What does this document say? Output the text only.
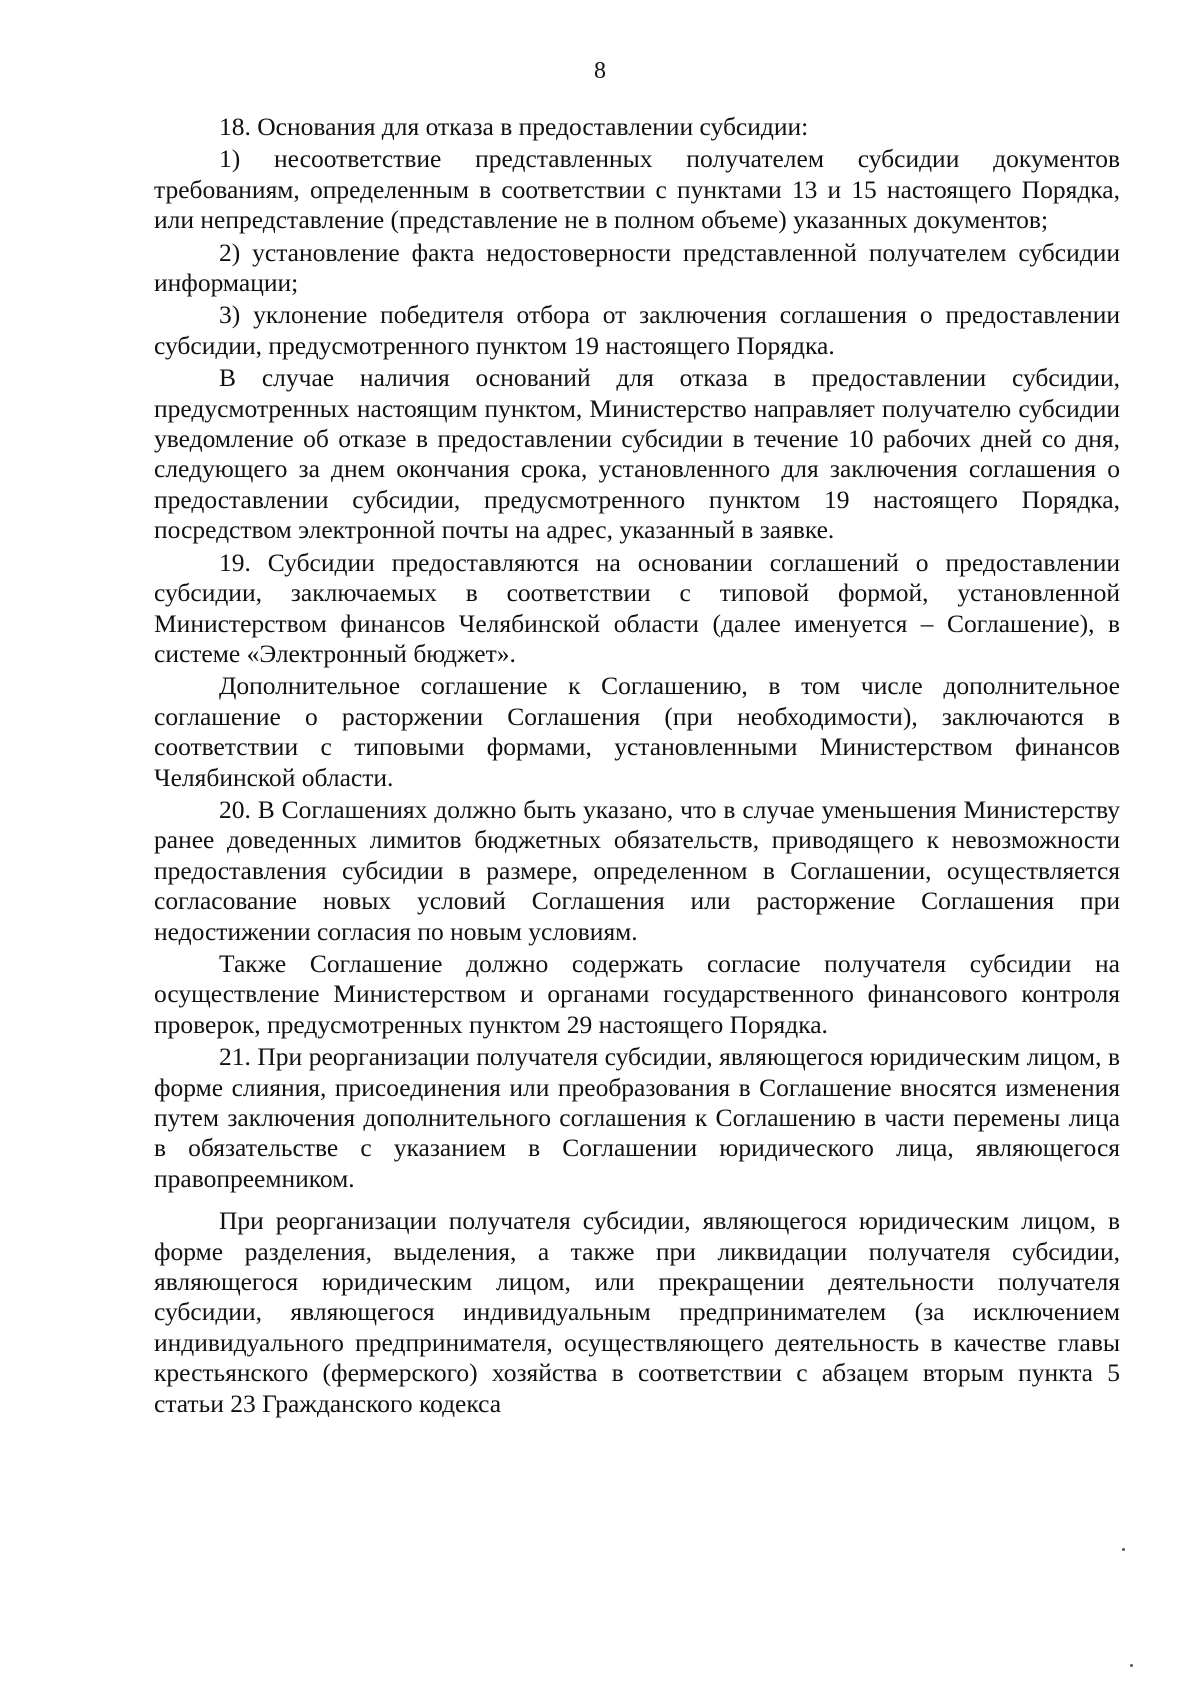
8

18. Основания для отказа в предоставлении субсидии:

1) несоответствие представленных получателем субсидии документов требованиям, определенным в соответствии с пунктами 13 и 15 настоящего Порядка, или непредставление (представление не в полном объеме) указанных документов;

2) установление факта недостоверности представленной получателем субсидии информации;

3) уклонение победителя отбора от заключения соглашения о предоставлении субсидии, предусмотренного пунктом 19 настоящего Порядка.

В случае наличия оснований для отказа в предоставлении субсидии, предусмотренных настоящим пунктом, Министерство направляет получателю субсидии уведомление об отказе в предоставлении субсидии в течение 10 рабочих дней со дня, следующего за днем окончания срока, установленного для заключения соглашения о предоставлении субсидии, предусмотренного пунктом 19 настоящего Порядка, посредством электронной почты на адрес, указанный в заявке.

19. Субсидии предоставляются на основании соглашений о предоставлении субсидии, заключаемых в соответствии с типовой формой, установленной Министерством финансов Челябинской области (далее именуется – Соглашение), в системе «Электронный бюджет».

Дополнительное соглашение к Соглашению, в том числе дополнительное соглашение о расторжении Соглашения (при необходимости), заключаются в соответствии с типовыми формами, установленными Министерством финансов Челябинской области.

20. В Соглашениях должно быть указано, что в случае уменьшения Министерству ранее доведенных лимитов бюджетных обязательств, приводящего к невозможности предоставления субсидии в размере, определенном в Соглашении, осуществляется согласование новых условий Соглашения или расторжение Соглашения при недостижении согласия по новым условиям.

Также Соглашение должно содержать согласие получателя субсидии на осуществление Министерством и органами государственного финансового контроля проверок, предусмотренных пунктом 29 настоящего Порядка.

21. При реорганизации получателя субсидии, являющегося юридическим лицом, в форме слияния, присоединения или преобразования в Соглашение вносятся изменения путем заключения дополнительного соглашения к Соглашению в части перемены лица в обязательстве с указанием в Соглашении юридического лица, являющегося правопреемником.

При реорганизации получателя субсидии, являющегося юридическим лицом, в форме разделения, выделения, а также при ликвидации получателя субсидии, являющегося юридическим лицом, или прекращении деятельности получателя субсидии, являющегося индивидуальным предпринимателем (за исключением индивидуального предпринимателя, осуществляющего деятельность в качестве главы крестьянского (фермерского) хозяйства в соответствии с абзацем вторым пункта 5 статьи 23 Гражданского кодекса
